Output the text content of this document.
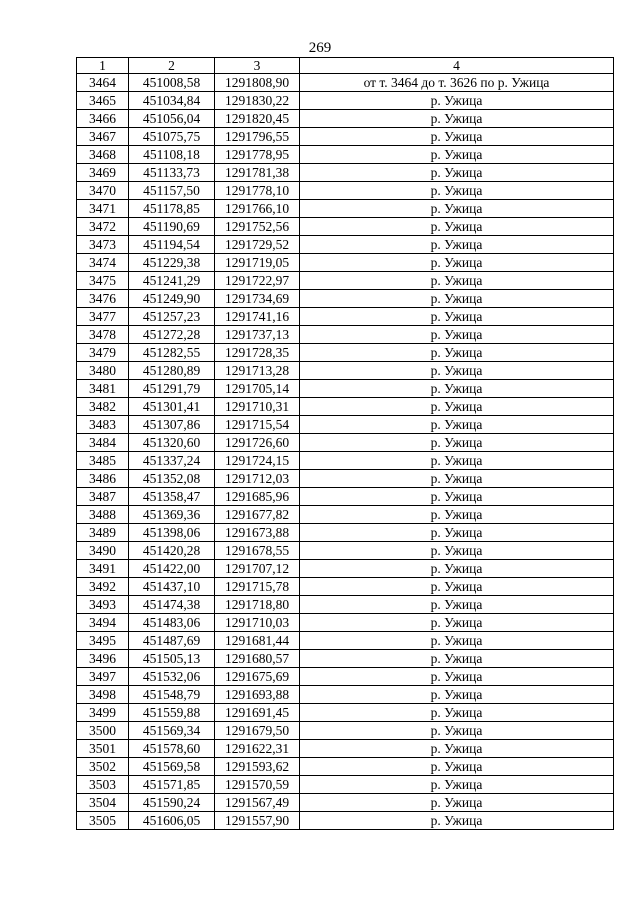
269
1	2	3	4
3464	451008,58	1291808,90	от т. 3464 до т. 3626 по р. Ужица
3465	451034,84	1291830,22	р. Ужица
3466	451056,04	1291820,45	р. Ужица
3467	451075,75	1291796,55	р. Ужица
3468	451108,18	1291778,95	р. Ужица
3469	451133,73	1291781,38	р. Ужица
3470	451157,50	1291778,10	р. Ужица
3471	451178,85	1291766,10	р. Ужица
3472	451190,69	1291752,56	р. Ужица
3473	451194,54	1291729,52	р. Ужица
3474	451229,38	1291719,05	р. Ужица
3475	451241,29	1291722,97	р. Ужица
3476	451249,90	1291734,69	р. Ужица
3477	451257,23	1291741,16	р. Ужица
3478	451272,28	1291737,13	р. Ужица
3479	451282,55	1291728,35	р. Ужица
3480	451280,89	1291713,28	р. Ужица
3481	451291,79	1291705,14	р. Ужица
3482	451301,41	1291710,31	р. Ужица
3483	451307,86	1291715,54	р. Ужица
3484	451320,60	1291726,60	р. Ужица
3485	451337,24	1291724,15	р. Ужица
3486	451352,08	1291712,03	р. Ужица
3487	451358,47	1291685,96	р. Ужица
3488	451369,36	1291677,82	р. Ужица
3489	451398,06	1291673,88	р. Ужица
3490	451420,28	1291678,55	р. Ужица
3491	451422,00	1291707,12	р. Ужица
3492	451437,10	1291715,78	р. Ужица
3493	451474,38	1291718,80	р. Ужица
3494	451483,06	1291710,03	р. Ужица
3495	451487,69	1291681,44	р. Ужица
3496	451505,13	1291680,57	р. Ужица
3497	451532,06	1291675,69	р. Ужица
3498	451548,79	1291693,88	р. Ужица
3499	451559,88	1291691,45	р. Ужица
3500	451569,34	1291679,50	р. Ужица
3501	451578,60	1291622,31	р. Ужица
3502	451569,58	1291593,62	р. Ужица
3503	451571,85	1291570,59	р. Ужица
3504	451590,24	1291567,49	р. Ужица
3505	451606,05	1291557,90	р. Ужица
